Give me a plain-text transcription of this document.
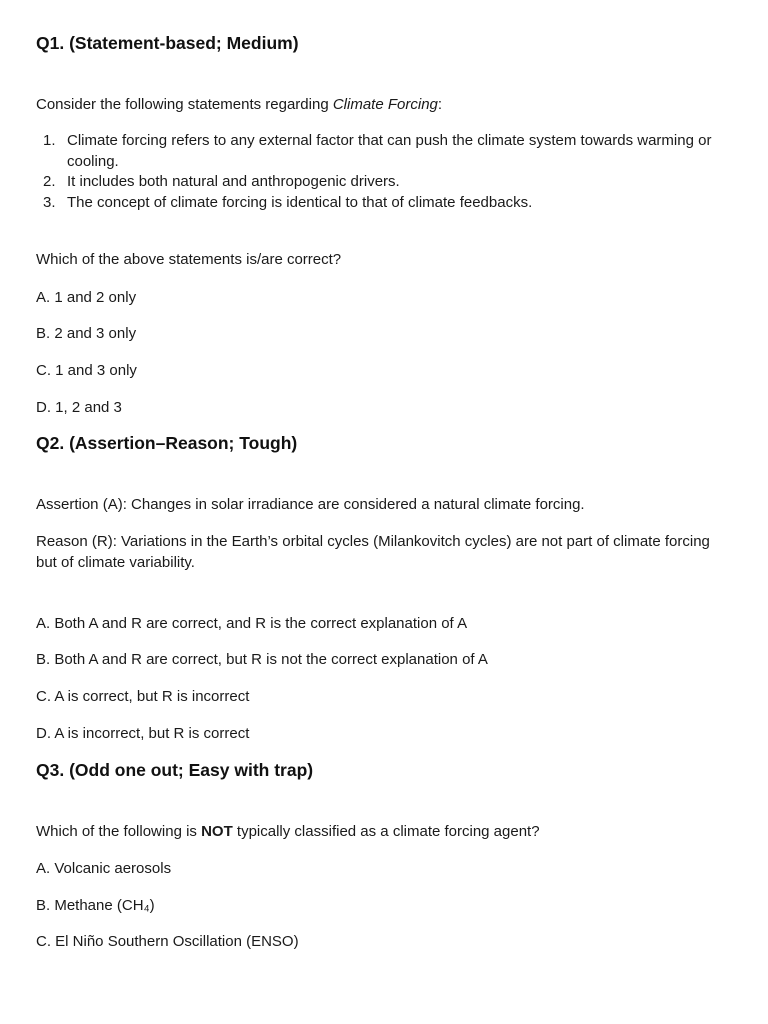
Q1. (Statement-based; Medium)
Consider the following statements regarding Climate Forcing:
1. Climate forcing refers to any external factor that can push the climate system towards warming or cooling.
2. It includes both natural and anthropogenic drivers.
3. The concept of climate forcing is identical to that of climate feedbacks.
Which of the above statements is/are correct?
A. 1 and 2 only
B. 2 and 3 only
C. 1 and 3 only
D. 1, 2 and 3
Q2. (Assertion–Reason; Tough)
Assertion (A): Changes in solar irradiance are considered a natural climate forcing.
Reason (R): Variations in the Earth’s orbital cycles (Milankovitch cycles) are not part of climate forcing but of climate variability.
A. Both A and R are correct, and R is the correct explanation of A
B. Both A and R are correct, but R is not the correct explanation of A
C. A is correct, but R is incorrect
D. A is incorrect, but R is correct
Q3. (Odd one out; Easy with trap)
Which of the following is NOT typically classified as a climate forcing agent?
A. Volcanic aerosols
B. Methane (CH₄)
C. El Niño Southern Oscillation (ENSO)
